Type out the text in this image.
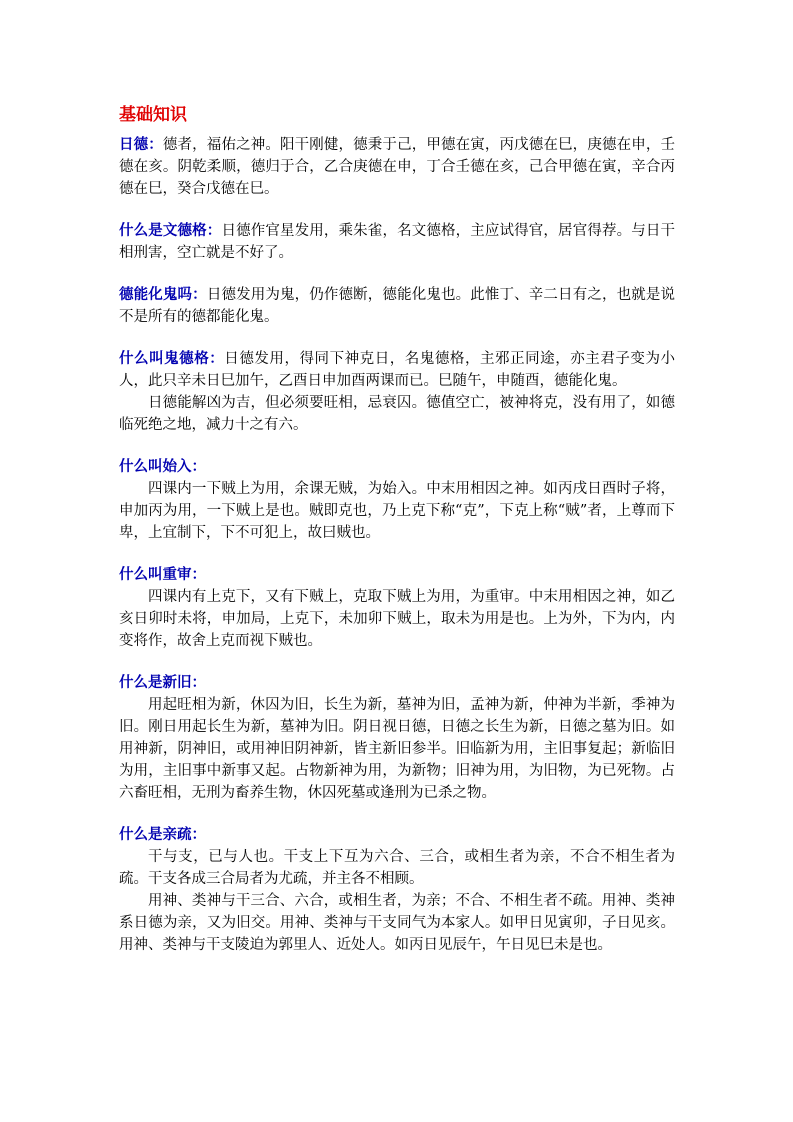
基础知识

日德：德者，福佑之神。阳干刚健，德秉于己，甲德在寅，丙戊德在巳，庚德在申，壬德在亥。阴乾柔顺，德归于合，乙合庚德在申，丁合壬德在亥，己合甲德在寅，辛合丙德在巳，癸合戊德在巳。

什么是文德格：日德作官星发用，乘朱雀，名文德格，主应试得官，居官得荐。与日干相刑害，空亡就是不好了。

德能化鬼吗：日德发用为鬼，仍作德断，德能化鬼也。此惟丁、辛二日有之，也就是说不是所有的德都能化鬼。

什么叫鬼德格：日德发用，得同下神克日，名鬼德格，主邪正同途，亦主君子变为小人，此只辛未日巳加午，乙酉日申加酉两课而已。巳随午，申随酉，德能化鬼。

日德能解凶为吉，但必须要旺相，忌衰囚。德值空亡，被神将克，没有用了，如德临死绝之地，减力十之有六。

什么叫始入：

四课内一下贼上为用，余课无贼，为始入。中末用相因之神。如丙戌日酉时子将，申加丙为用，一下贼上是也。贼即克也，乃上克下称“克”，下克上称“贼”者，上尊而下卑，上宜制下，下不可犯上，故曰贼也。

什么叫重审：

四课内有上克下，又有下贼上，克取下贼上为用，为重审。中末用相因之神，如乙亥日卯时未将，申加局，上克下，未加卯下贼上，取未为用是也。上为外，下为内，内变将作，故舍上克而视下贼也。

什么是新旧：

用起旺相为新，休囚为旧，长生为新，墓神为旧，孟神为新，仲神为半新，季神为旧。刚日用起长生为新，墓神为旧。阴日视日德，日德之长生为新，日德之墓为旧。如用神新，阴神旧，或用神旧阴神新，皆主新旧参半。旧临新为用，主旧事复起；新临旧为用，主旧事中新事又起。占物新神为用，为新物；旧神为用，为旧物，为已死物。占六畜旺相，无刑为畜养生物，休囚死墓或逢刑为已杀之物。

什么是亲疏：

干与支，已与人也。干支上下互为六合、三合，或相生者为亲，不合不相生者为疏。干支各成三合局者为尤疏，并主各不相顾。

用神、类神与干三合、六合，或相生者，为亲；不合、不相生者不疏。用神、类神系日德为亲，又为旧交。用神、类神与干支同气为本家人。如甲日见寅卯，子日见亥。用神、类神与干支陵迫为郭里人、近处人。如丙日见辰午，午日见巳未是也。
